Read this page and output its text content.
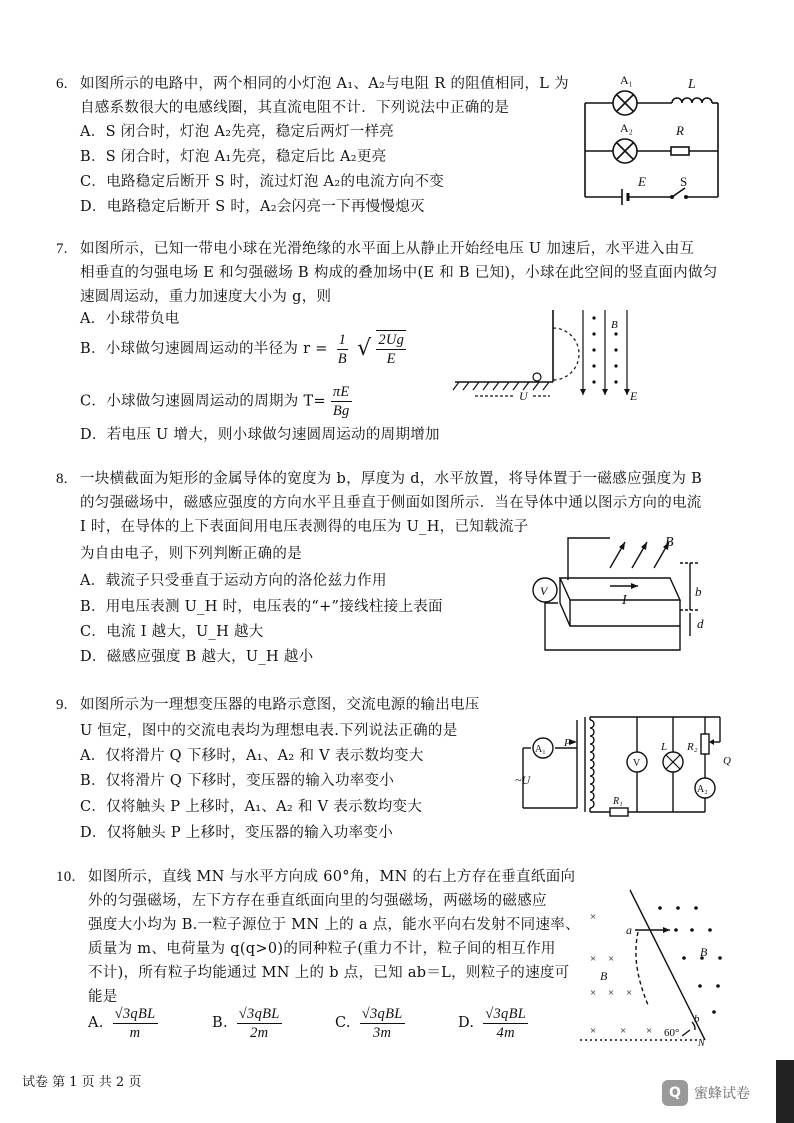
6. 如图所示的电路中，两个相同的小灯泡 A₁、A₂与电阻 R 的阻值相同，L 为
自感系数很大的电感线圈，其直流电阻不计．下列说法中正确的是
A．S 闭合时，灯泡 A₂先亮，稳定后两灯一样亮
B．S 闭合时，灯泡 A₁先亮，稳定后比 A₂更亮
C．电路稳定后断开 S 时，流过灯泡 A₂的电流方向不变
D．电路稳定后断开 S 时，A₂会闪亮一下再慢慢熄灭
A₁	L
A₂	R
E	S
7. 如图所示，已知一带电小球在光滑绝缘的水平面上从静止开始经电压 U 加速后，水平进入由互
相垂直的匀强电场 E 和匀强磁场 B 构成的叠加场中(E 和 B 已知)，小球在此空间的竖直面内做匀
速圆周运动，重力加速度大小为 g，则
A．小球带负电
B．小球做匀速圆周运动的半径为 $r = \frac{1}{B}$ √ $\frac{2Ug}{E}$
C．小球做匀速圆周运动的周期为 $T= \frac{\pi E}{Bg}$
D．若电压 U 增大，则小球做匀速圆周运动的周期增加
B
U	E
8. 一块横截面为矩形的金属导体的宽度为 b，厚度为 d，水平放置，将导体置于一磁感应强度为 B
的匀强磁场中，磁感应强度的方向水平且垂直于侧面如图所示．当在导体中通以图示方向的电流
I 时，在导体的上下表面间用电压表测得的电压为 U_H，已知载流子
为自由电子，则下列判断正确的是
A．载流子只受垂直于运动方向的洛伦兹力作用
B．用电压表测 U_H 时，电压表的“+”接线柱接上表面
C．电流 I 越大，U_H 越大
D．磁感应强度 B 越大，U_H 越小
V
B
I
b
d
9. 如图所示为一理想变压器的电路示意图，交流电源的输出电压
U 恒定，图中的交流电表均为理想电表.下列说法正确的是
A．仅将滑片 Q 下移时，A₁、A₂ 和 V 表示数均变大
B．仅将滑片 Q 下移时，变压器的输入功率变小
C．仅将触头 P 上移时，A₁、A₂ 和 V 表示数均变大
D．仅将触头 P 上移时，变压器的输入功率变小
A₁
P
~U
V
L R₂
Q
A₂
R₁
10. 如图所示，直线 MN 与水平方向成 60°角，MN 的右上方存在垂直纸面向
外的匀强磁场，左下方存在垂直纸面向里的匀强磁场，两磁场的磁感应
强度大小均为 B.一粒子源位于 MN 上的 a 点，能水平向右发射不同速率、
质量为 m、电荷量为 q(q>0)的同种粒子(重力不计，粒子间的相互作用
不计)，所有粒子均能通过 MN 上的 b 点，已知 ab＝L，则粒子的速度可
能是
A. $\frac{\text{√3qBL}}{m}$	B. $\frac{\text{√3qBL}}{2m}$	C. $\frac{\text{√3qBL}}{3m}$	D. $\frac{\text{√3qBL}}{4m}$
×
×
×
×
×
× ×
× ×
a
B
B
b
60°
N
试卷 第 1 页 共 2 页
Q 蜜蜂试卷
